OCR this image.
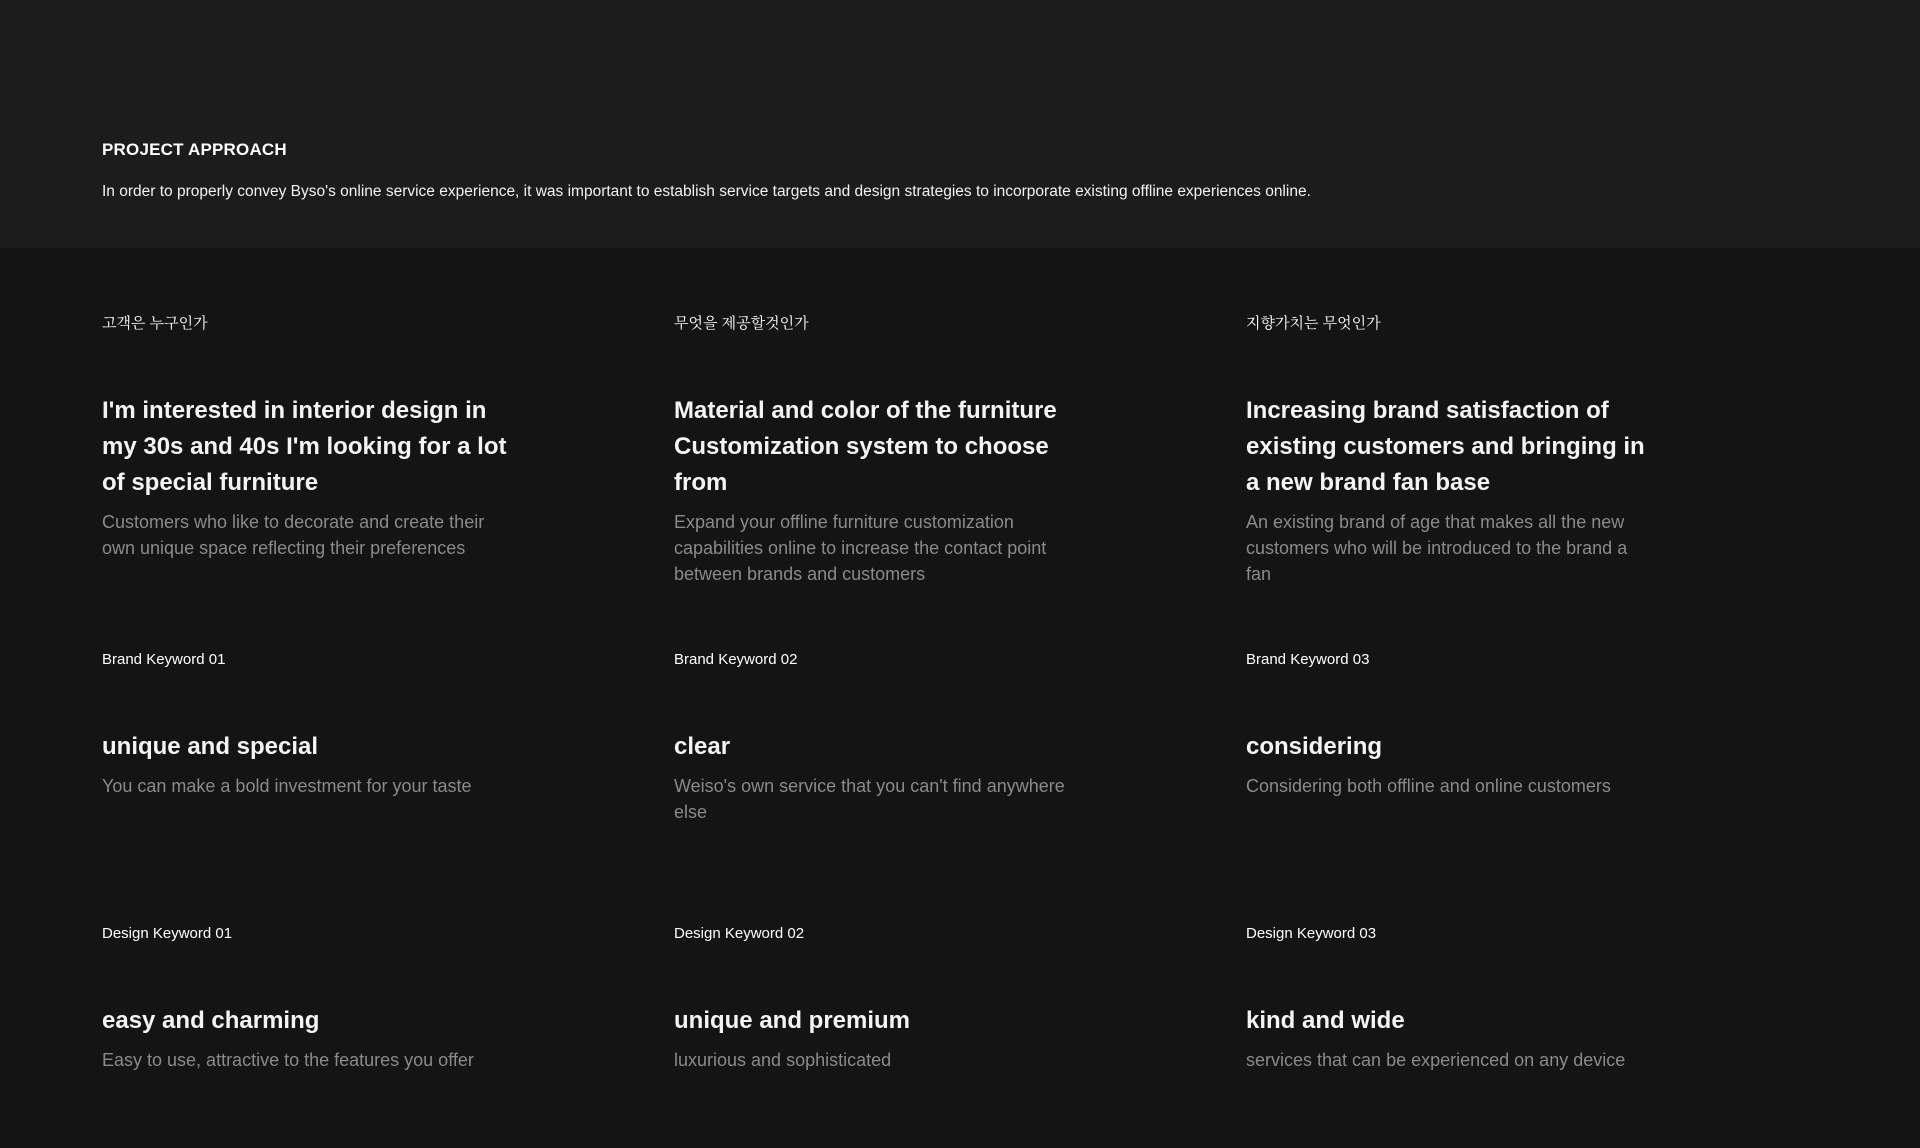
PROJECT APPROACH
In order to properly convey Byso's online service experience, it was important to establish service targets and design strategies to incorporate existing offline experiences online.
고객은 누구인가
I'm interested in interior design in my 30s and 40s I'm looking for a lot of special furniture
Customers who like to decorate and create their own unique space reflecting their preferences
무엇을 제공할것인가
Material and color of the furniture Customization system to choose from
Expand your offline furniture customization capabilities online to increase the contact point between brands and customers
지향가치는 무엇인가
Increasing brand satisfaction of existing customers and bringing in a new brand fan base
An existing brand of age that makes all the new customers who will be introduced to the brand a fan
Brand Keyword 01
unique and special
You can make a bold investment for your taste
Brand Keyword 02
clear
Weiso's own service that you can't find anywhere else
Brand Keyword 03
considering
Considering both offline and online customers
Design Keyword 01
easy and charming
Easy to use, attractive to the features you offer
Design Keyword 02
unique and premium
luxurious and sophisticated
Design Keyword 03
kind and wide
services that can be experienced on any device
